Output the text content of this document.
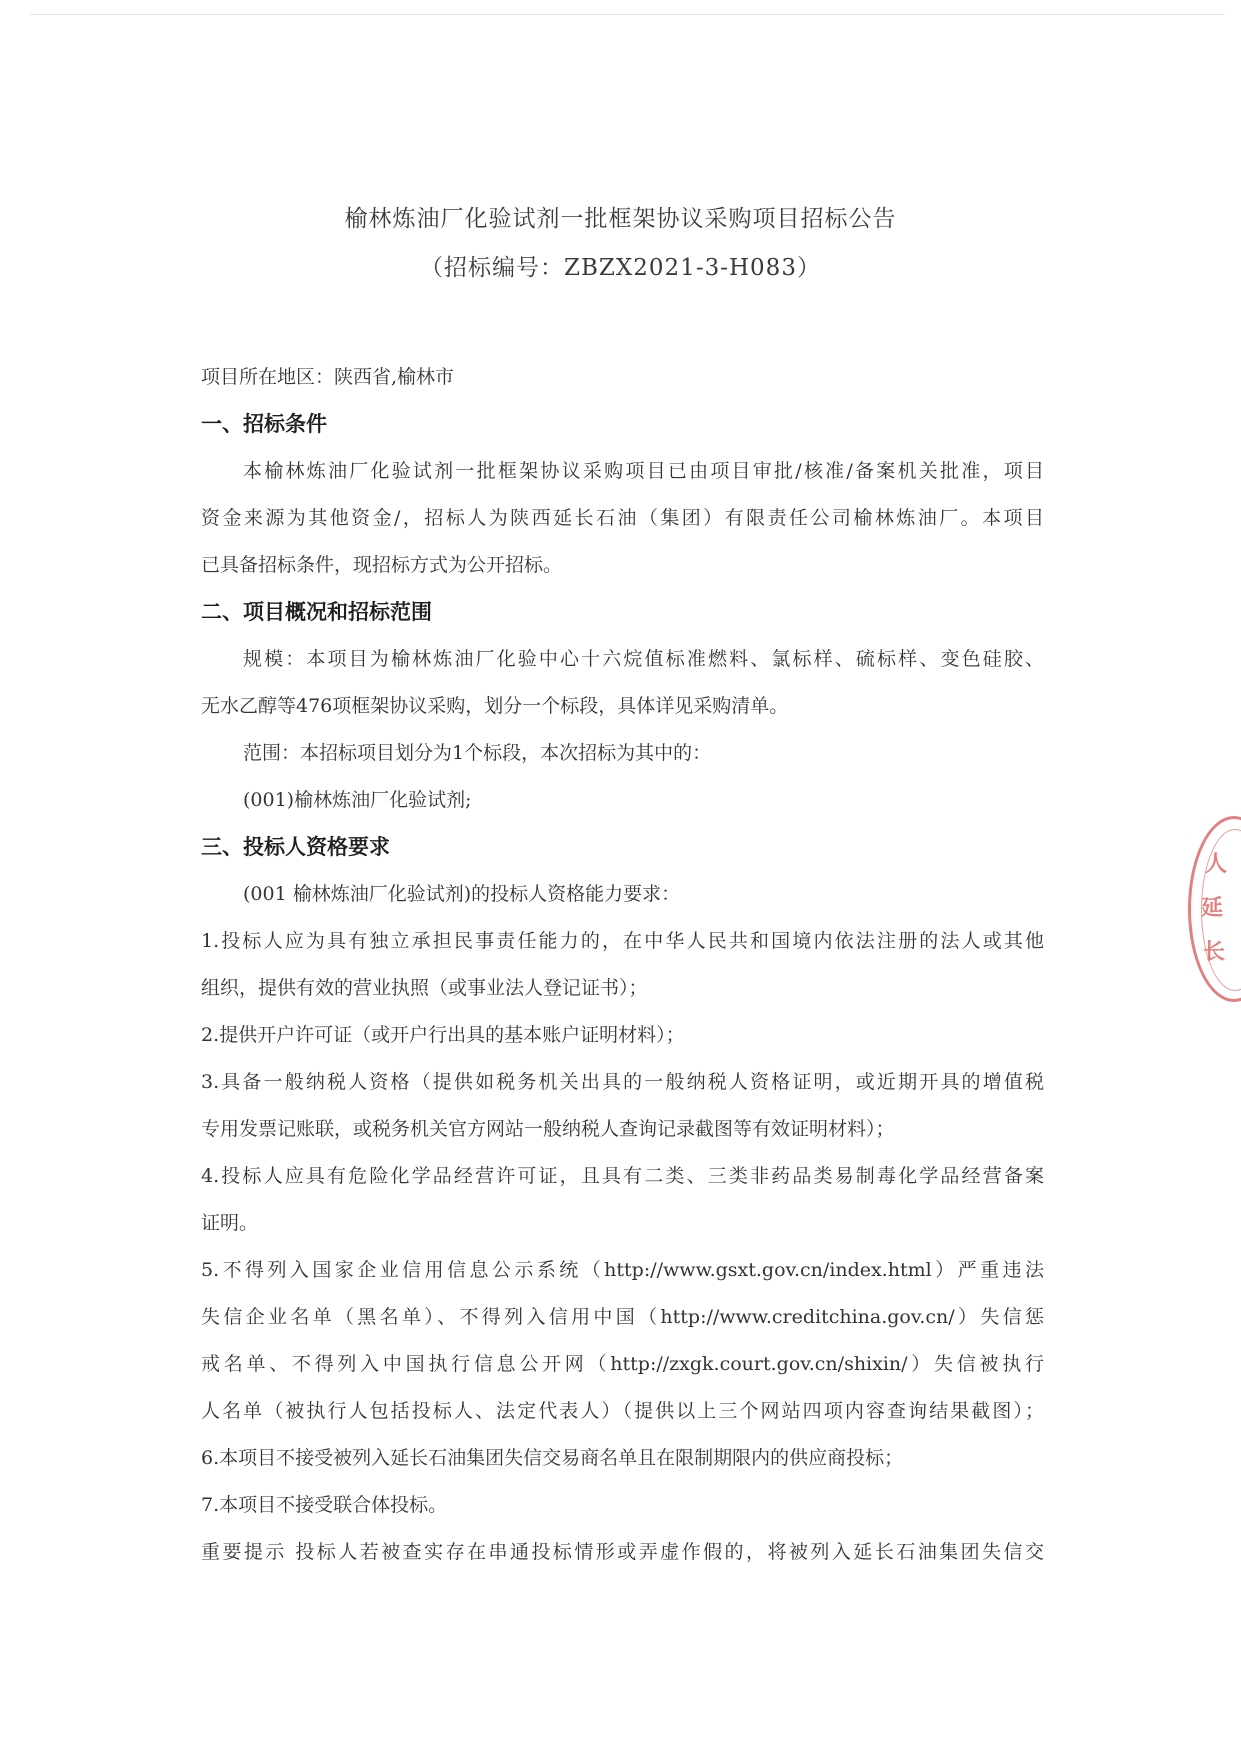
榆林炼油厂化验试剂一批框架协议采购项目招标公告
（招标编号：ZBZX2021-3-H083）
项目所在地区：陕西省,榆林市
一、招标条件
本榆林炼油厂化验试剂一批框架协议采购项目已由项目审批/核准/备案机关批准，项目
资金来源为其他资金/，招标人为陕西延长石油（集团）有限责任公司榆林炼油厂。本项目
已具备招标条件，现招标方式为公开招标。
二、项目概况和招标范围
规模：本项目为榆林炼油厂化验中心十六烷值标准燃料、氯标样、硫标样、变色硅胶、
无水乙醇等476项框架协议采购，划分一个标段，具体详见采购清单。
范围：本招标项目划分为1个标段，本次招标为其中的：
(001)榆林炼油厂化验试剂;
三、投标人资格要求
(001 榆林炼油厂化验试剂)的投标人资格能力要求：
1.投标人应为具有独立承担民事责任能力的，在中华人民共和国境内依法注册的法人或其他
组织，提供有效的营业执照（或事业法人登记证书）；
2.提供开户许可证（或开户行出具的基本账户证明材料）；
3.具备一般纳税人资格（提供如税务机关出具的一般纳税人资格证明，或近期开具的增值税
专用发票记账联，或税务机关官方网站一般纳税人查询记录截图等有效证明材料）；
4.投标人应具有危险化学品经营许可证，且具有二类、三类非药品类易制毒化学品经营备案
证明。
5.不得列入国家企业信用信息公示系统（http://www.gsxt.gov.cn/index.html）严重违法
失信企业名单（黑名单）、不得列入信用中国（http://www.creditchina.gov.cn/）失信惩
戒名单、不得列入中国执行信息公开网（http://zxgk.court.gov.cn/shixin/）失信被执行
人名单（被执行人包括投标人、法定代表人）（提供以上三个网站四项内容查询结果截图）；
6.本项目不接受被列入延长石油集团失信交易商名单且在限制期限内的供应商投标；
7.本项目不接受联合体投标。
重要提示 投标人若被查实存在串通投标情形或弄虚作假的，将被列入延长石油集团失信交
人
延
长
